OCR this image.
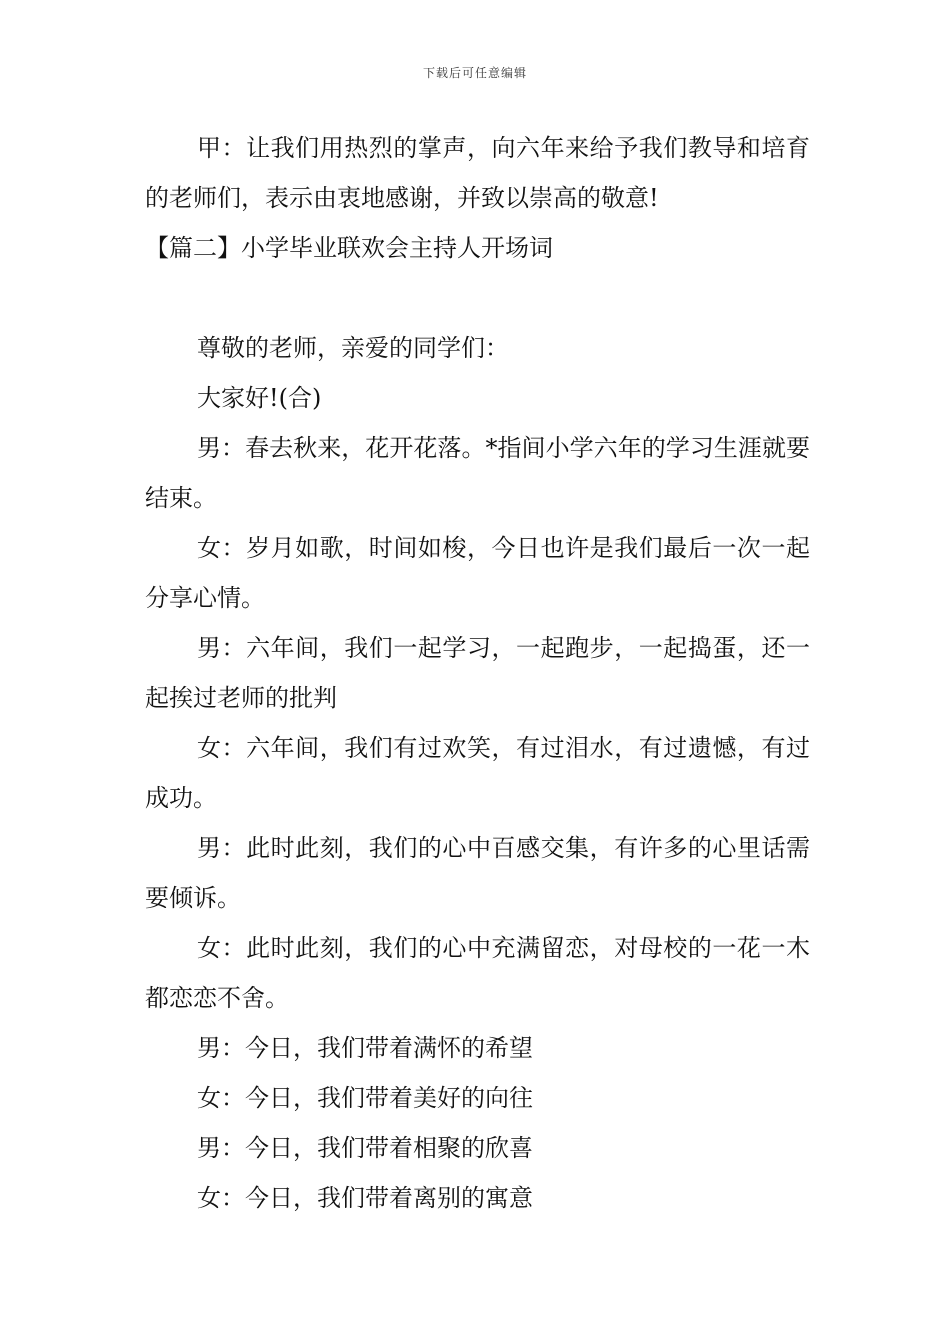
下载后可任意编辑

甲：让我们用热烈的掌声，向六年来给予我们教导和培育的老师们，表示由衷地感谢，并致以崇高的敬意!

【篇二】小学毕业联欢会主持人开场词

尊敬的老师，亲爱的同学们：

大家好!(合)

男：春去秋来，花开花落。*指间小学六年的学习生涯就要结束。

女：岁月如歌，时间如梭，今日也许是我们最后一次一起分享心情。

男：六年间，我们一起学习，一起跑步，一起捣蛋，还一起挨过老师的批判

女：六年间，我们有过欢笑，有过泪水，有过遗憾，有过成功。

男：此时此刻，我们的心中百感交集，有许多的心里话需要倾诉。

女：此时此刻，我们的心中充满留恋，对母校的一花一木都恋恋不舍。

男：今日，我们带着满怀的希望

女：今日，我们带着美好的向往

男：今日，我们带着相聚的欣喜

女：今日，我们带着离别的寓意
